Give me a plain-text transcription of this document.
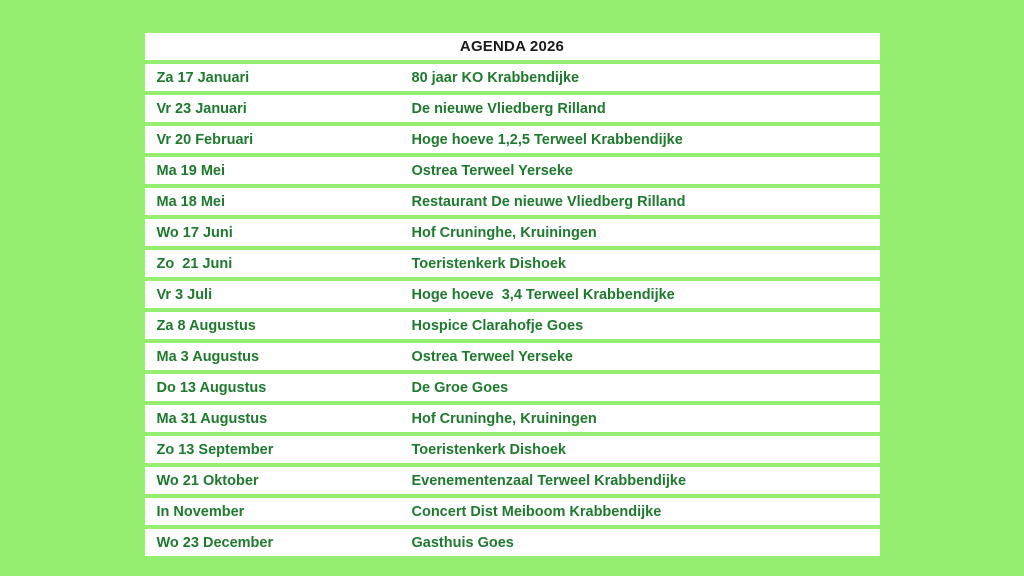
AGENDA 2026
Za 17 Januari	80 jaar KO Krabbendijke
Vr 23 Januari	De nieuwe Vliedberg Rilland
Vr 20 Februari	Hoge hoeve 1,2,5 Terweel Krabbendijke
Ma 19 Mei	Ostrea Terweel Yerseke
Ma 18 Mei	Restaurant De nieuwe Vliedberg Rilland
Wo 17 Juni	Hof Cruninghe, Kruiningen
Zo  21 Juni	Toeristenkerk Dishoek
Vr 3 Juli	Hoge hoeve  3,4 Terweel Krabbendijke
Za 8 Augustus	Hospice Clarahofje Goes
Ma 3 Augustus	Ostrea Terweel Yerseke
Do 13 Augustus	De Groe Goes
Ma 31 Augustus	Hof Cruninghe, Kruiningen
Zo 13 September	Toeristenkerk Dishoek
Wo 21 Oktober	Evenementenzaal Terweel Krabbendijke
In November	Concert Dist Meiboom Krabbendijke
Wo 23 December	Gasthuis Goes
